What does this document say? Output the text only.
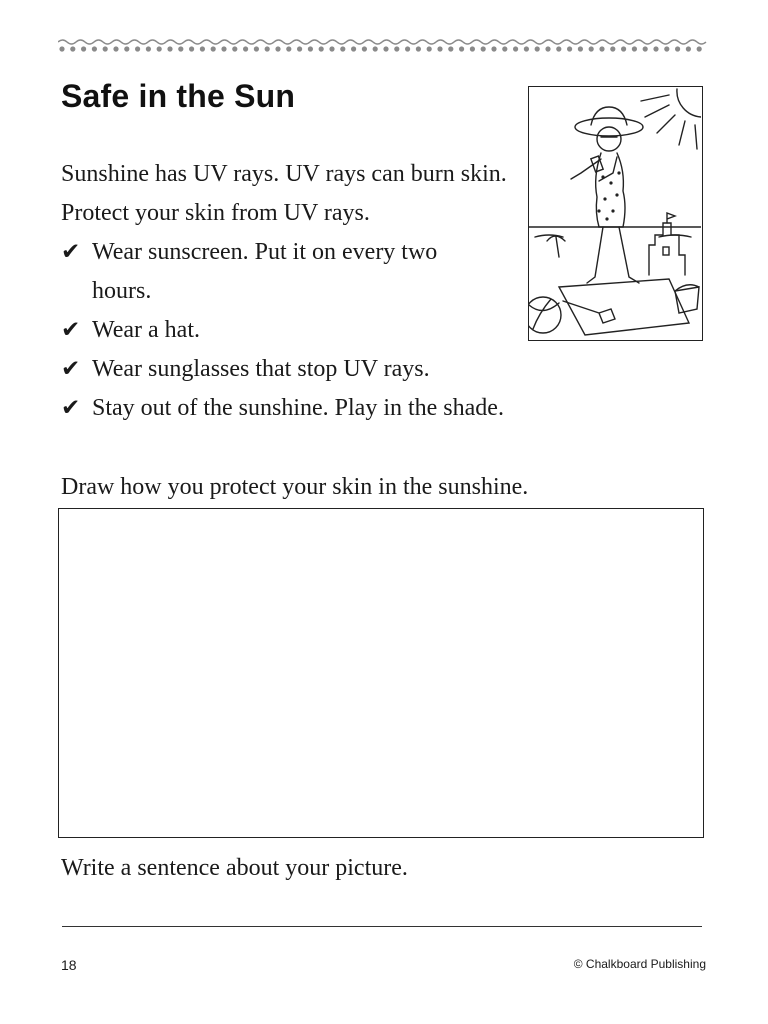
Safe in the Sun

Sunshine has UV rays. UV rays can burn skin. Protect your skin from UV rays.

✔ Wear sunscreen. Put it on every two hours.
✔ Wear a hat.
✔ Wear sunglasses that stop UV rays.
✔ Stay out of the sunshine. Play in the shade.

Draw how you protect your skin in the sunshine.

Write a sentence about your picture.

18	© Chalkboard Publishing
